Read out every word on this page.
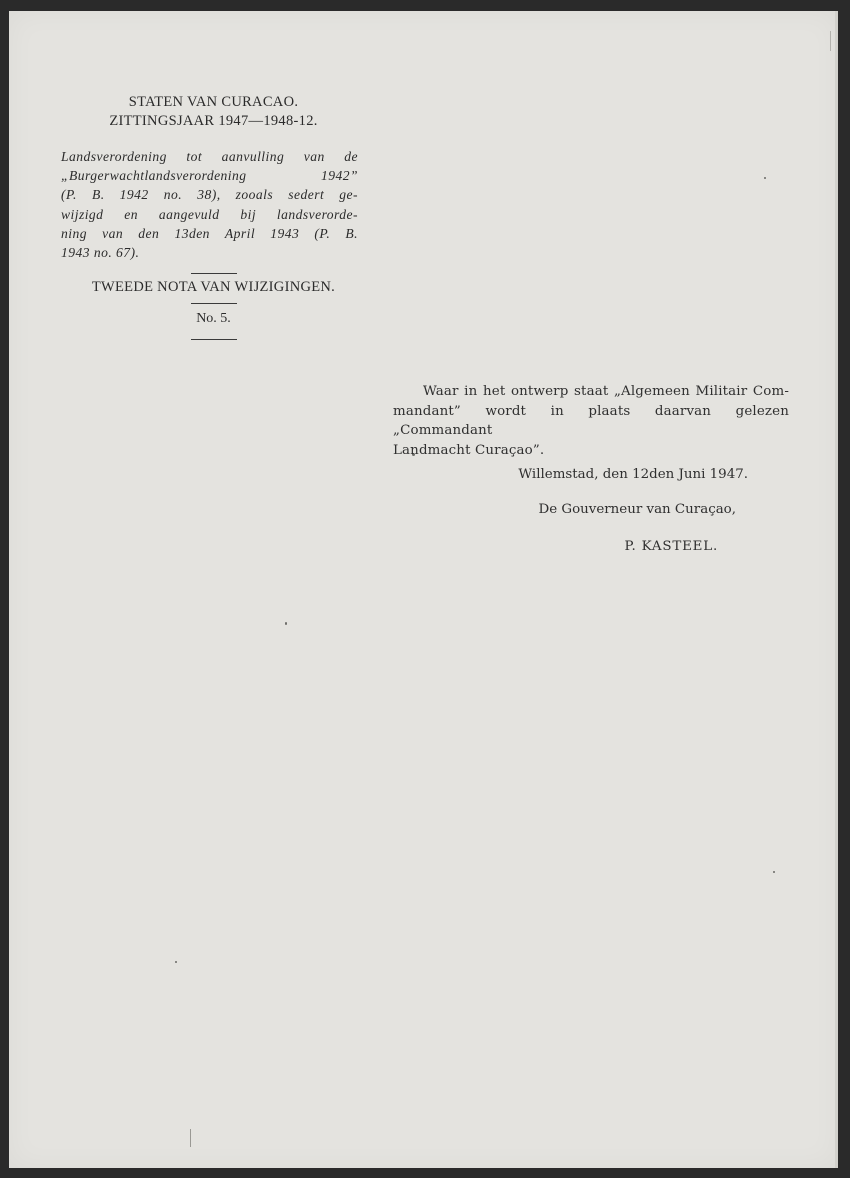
STATEN VAN CURACAO.
ZITTINGSJAAR 1947—1948-12.
Landsverordening tot aanvulling van de
„Burgerwachtlandsverordening 1942”
(P. B. 1942 no. 38), zooals sedert ge-
wijzigd en aangevuld bij landsverorde-
ning van den 13den April 1943 (P. B.
1943 no. 67).
TWEEDE NOTA VAN WIJZIGINGEN.
No. 5.
Waar in het ontwerp staat „Algemeen Militair Com-
mandant” wordt in plaats daarvan gelezen „Commandant
Landmacht Curaçao”.
Willemstad, den 12den Juni 1947.
De Gouverneur van Curaçao,
P. KASTEEL.
